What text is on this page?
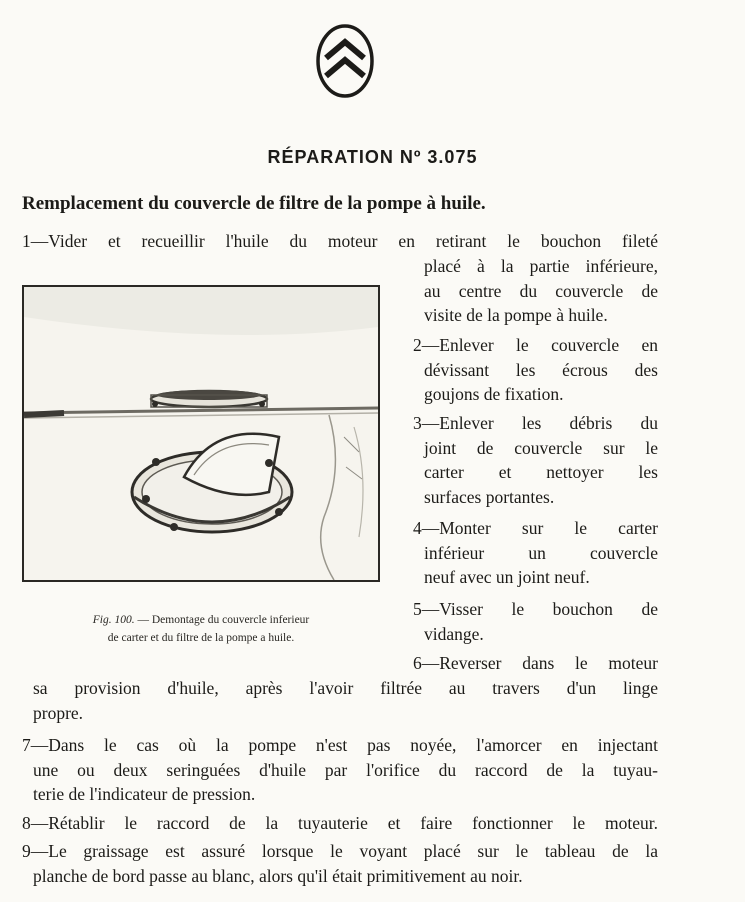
RÉPARATION Nº 3.075
Remplacement du couvercle de filtre de la pompe à huile.
1—Vider et recueillir l'huile du moteur en retirant le bouchon fileté
placé à la partie inférieure,
au centre du couvercle de
visite de la pompe à huile.
2—Enlever le couvercle en
dévissant les écrous des
goujons de fixation.
3—Enlever les débris du
joint de couvercle sur le
carter et nettoyer les
surfaces portantes.
4—Monter sur le carter
inférieur un couvercle
neuf avec un joint neuf.
5—Visser le bouchon de
vidange.
6—Reverser dans le moteur
sa provision d'huile, après l'avoir filtrée au travers d'un linge
propre.
7—Dans le cas où la pompe n'est pas noyée, l'amorcer en injectant
une ou deux seringuées d'huile par l'orifice du raccord de la tuyau-
terie de l'indicateur de pression.
8—Rétablir le raccord de la tuyauterie et faire fonctionner le moteur.
9—Le graissage est assuré lorsque le voyant placé sur le tableau de la
planche de bord passe au blanc, alors qu'il était primitivement au noir.
Fig. 100. — Demontage du couvercle inferieur
de carter et du filtre de la pompe a huile.
